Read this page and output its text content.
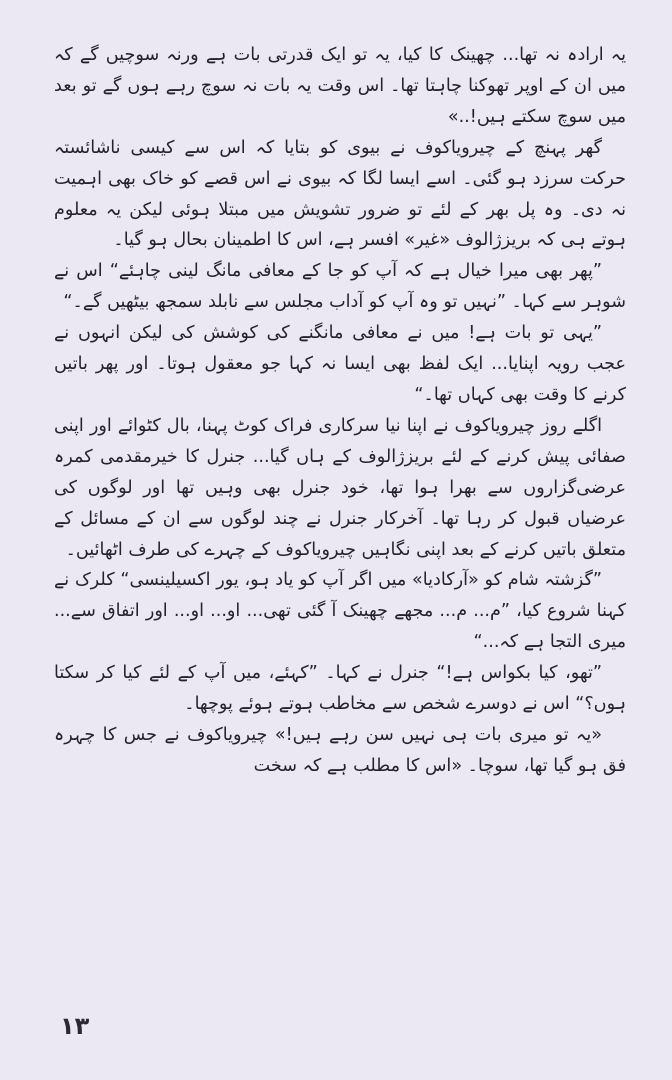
یہ ارادہ نہ تھا... چھینک کا کیا، یہ تو ایک قدرتی بات ہے ورنہ سوچیں گے کہ میں ان کے اوپر تھوکنا چاہتا تھا۔ اس وقت یہ بات نہ سوچ رہے ہوں گے تو بعد میں سوچ سکتے ہیں!..»

گھر پہنچ کے چیرویاکوف نے بیوی کو بتایا کہ اس سے کیسی ناشائستہ حرکت سرزد ہو گئی۔ اسے ایسا لگا کہ بیوی نے اس قصے کو خاک بھی اہمیت نہ دی۔ وہ پل بھر کے لئے تو ضرور تشویش میں مبتلا ہوئی لیکن یہ معلوم ہوتے ہی کہ بریزژالوف «غیر» افسر ہے، اس کا اطمینان بحال ہو گیا۔

”پھر بھی میرا خیال ہے کہ آپ کو جا کے معافی مانگ لینی چاہئے“ اس نے شوہر سے کہا۔ ”نہیں تو وہ آپ کو آداب مجلس سے نابلد سمجھ بیٹھیں گے۔“

”یہی تو بات ہے! میں نے معافی مانگنے کی کوشش کی لیکن انہوں نے عجب رویہ اپنایا... ایک لفظ بھی ایسا نہ کہا جو معقول ہوتا۔ اور پھر باتیں کرنے کا وقت بھی کہاں تھا۔“

اگلے روز چیرویاکوف نے اپنا نیا سرکاری فراک کوٹ پہنا، بال کٹوائے اور اپنی صفائی پیش کرنے کے لئے بریزژالوف کے ہاں گیا... جنرل کا خیرمقدمی کمرہ عرضی‌گزاروں سے بھرا ہوا تھا، خود جنرل بھی وہیں تھا اور لوگوں کی عرضیاں قبول کر رہا تھا۔ آخرکار جنرل نے چند لوگوں سے ان کے مسائل کے متعلق باتیں کرنے کے بعد اپنی نگاہیں چیرویاکوف کے چہرے کی طرف اٹھائیں۔

”گزشتہ شام کو «آرکادیا» میں اگر آپ کو یاد ہو، یور اکسیلینسی“ کلرک نے کہنا شروع کیا، ”م... م... مجھے چھینک آ گئی تھی... او... او... اور اتفاق سے... میری التجا ہے کہ...“

”تھو، کیا بکواس ہے!“ جنرل نے کہا۔ ”کہئے، میں آپ کے لئے کیا کر سکتا ہوں؟“ اس نے دوسرے شخص سے مخاطب ہوتے ہوئے پوچھا۔

«یہ تو میری بات ہی نہیں سن رہے ہیں!» چیرویاکوف نے جس کا چہرہ فق ہو گیا تھا، سوچا۔ «اس کا مطلب ہے کہ سخت

۱۳
